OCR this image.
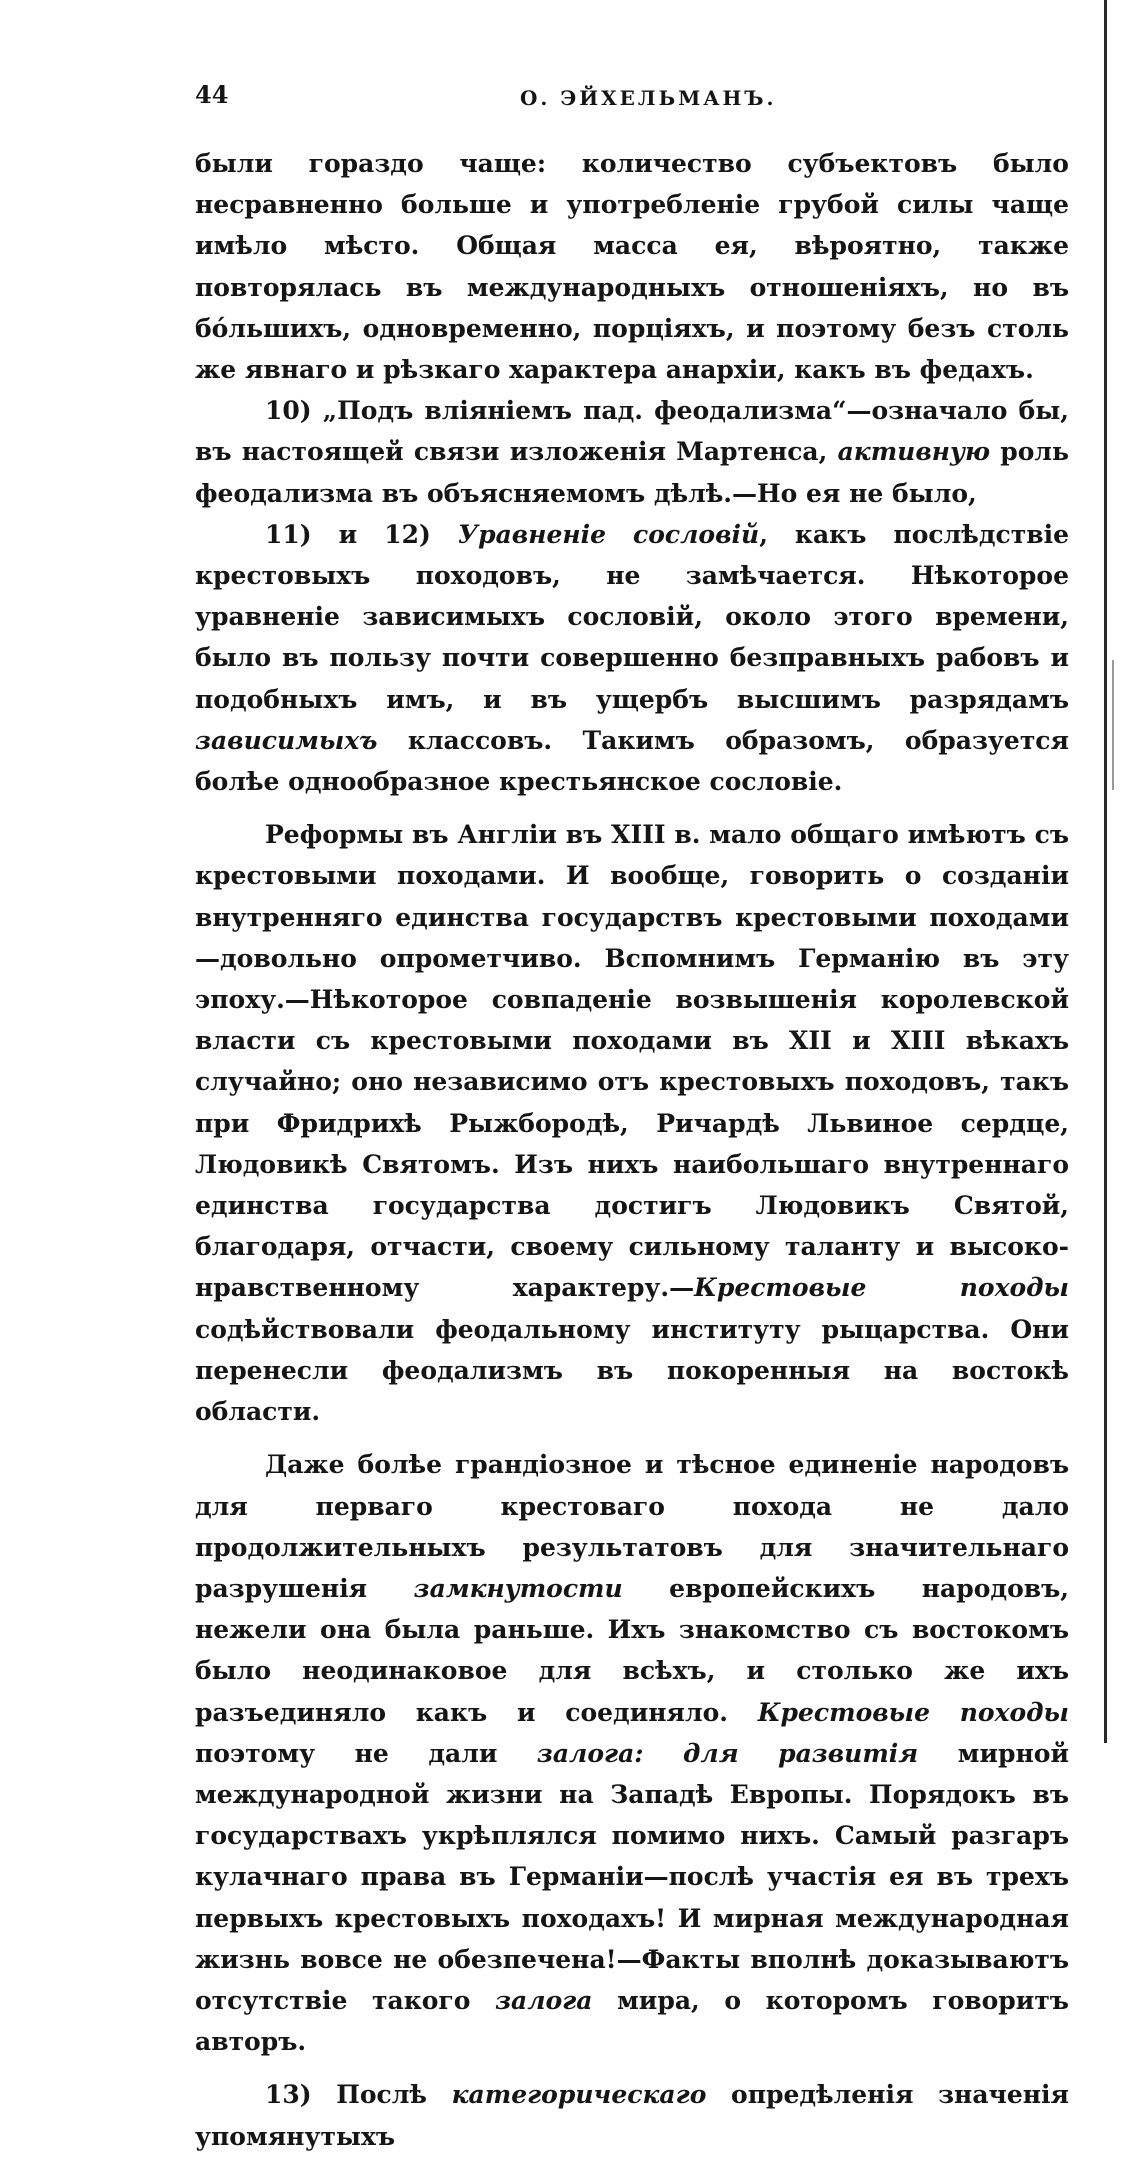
44	О. ЭЙХЕЛЬМАНЪ.

были гораздо чаще: количество субъектовъ было несравненно больше и употребленіе грубой силы чаще имѣло мѣсто. Общая масса ея, вѣроятно, также повторялась въ международныхъ отношеніяхъ, но въ бóльшихъ, одновременно, порціяхъ, и поэтому безъ столь же явнаго и рѣзкаго характера анархіи, какъ въ федахъ.

10) „Подъ вліяніемъ пад. феодализма“—означало бы, въ настоящей связи изложенія Мартенса, активную роль феодализма въ объясняемомъ дѣлѣ.—Но ея не было,

11) и 12) Уравненіе сословій, какъ послѣдствіе крестовыхъ походовъ, не замѣчается. Нѣкоторое уравненіе зависимыхъ сословій, около этого времени, было въ пользу почти совершенно безправныхъ рабовъ и подобныхъ имъ, и въ ущербъ высшимъ разрядамъ зависимыхъ классовъ. Такимъ образомъ, образуется болѣе однообразное крестьянское сословіе.

Реформы въ Англіи въ XIII в. мало общаго имѣютъ съ крестовыми походами. И вообще, говорить о созданіи внутренняго единства государствъ крестовыми походами—довольно опрометчиво. Вспомнимъ Германію въ эту эпоху.—Нѣкоторое совпаденіе возвышенія королевской власти съ крестовыми походами въ XII и XIII вѣкахъ случайно; оно независимо отъ крестовыхъ походовъ, такъ при Фридрихѣ Рыжбородѣ, Ричардѣ Львиное сердце, Людовикѣ Святомъ. Изъ нихъ наибольшаго внутреннаго единства государства достигъ Людовикъ Святой, благодаря, отчасти, своему сильному таланту и высоко-нравственному характеру.—Крестовые походы содѣйствовали феодальному институту рыцарства. Они перенесли феодализмъ въ покоренныя на востокѣ области.

Даже болѣе грандіозное и тѣсное единеніе народовъ для перваго крестоваго похода не дало продолжительныхъ результатовъ для значительнаго разрушенія замкнутости европейскихъ народовъ, нежели она была раньше. Ихъ знакомство съ востокомъ было неодинаковое для всѣхъ, и столько же ихъ разъединяло какъ и соединяло. Крестовые походы поэтому не дали залога: для развитія мирной международной жизни на Западѣ Европы. Порядокъ въ государствахъ укрѣплялся помимо нихъ. Самый разгаръ кулачнаго права въ Германіи—послѣ участія ея въ трехъ первыхъ крестовыхъ походахъ! И мирная международная жизнь вовсе не обезпечена!—Факты вполнѣ доказываютъ отсутствіе такого залога мира, о которомъ говоритъ авторъ.

13) Послѣ категорическаго опредѣленія значенія упомянутыхъ
